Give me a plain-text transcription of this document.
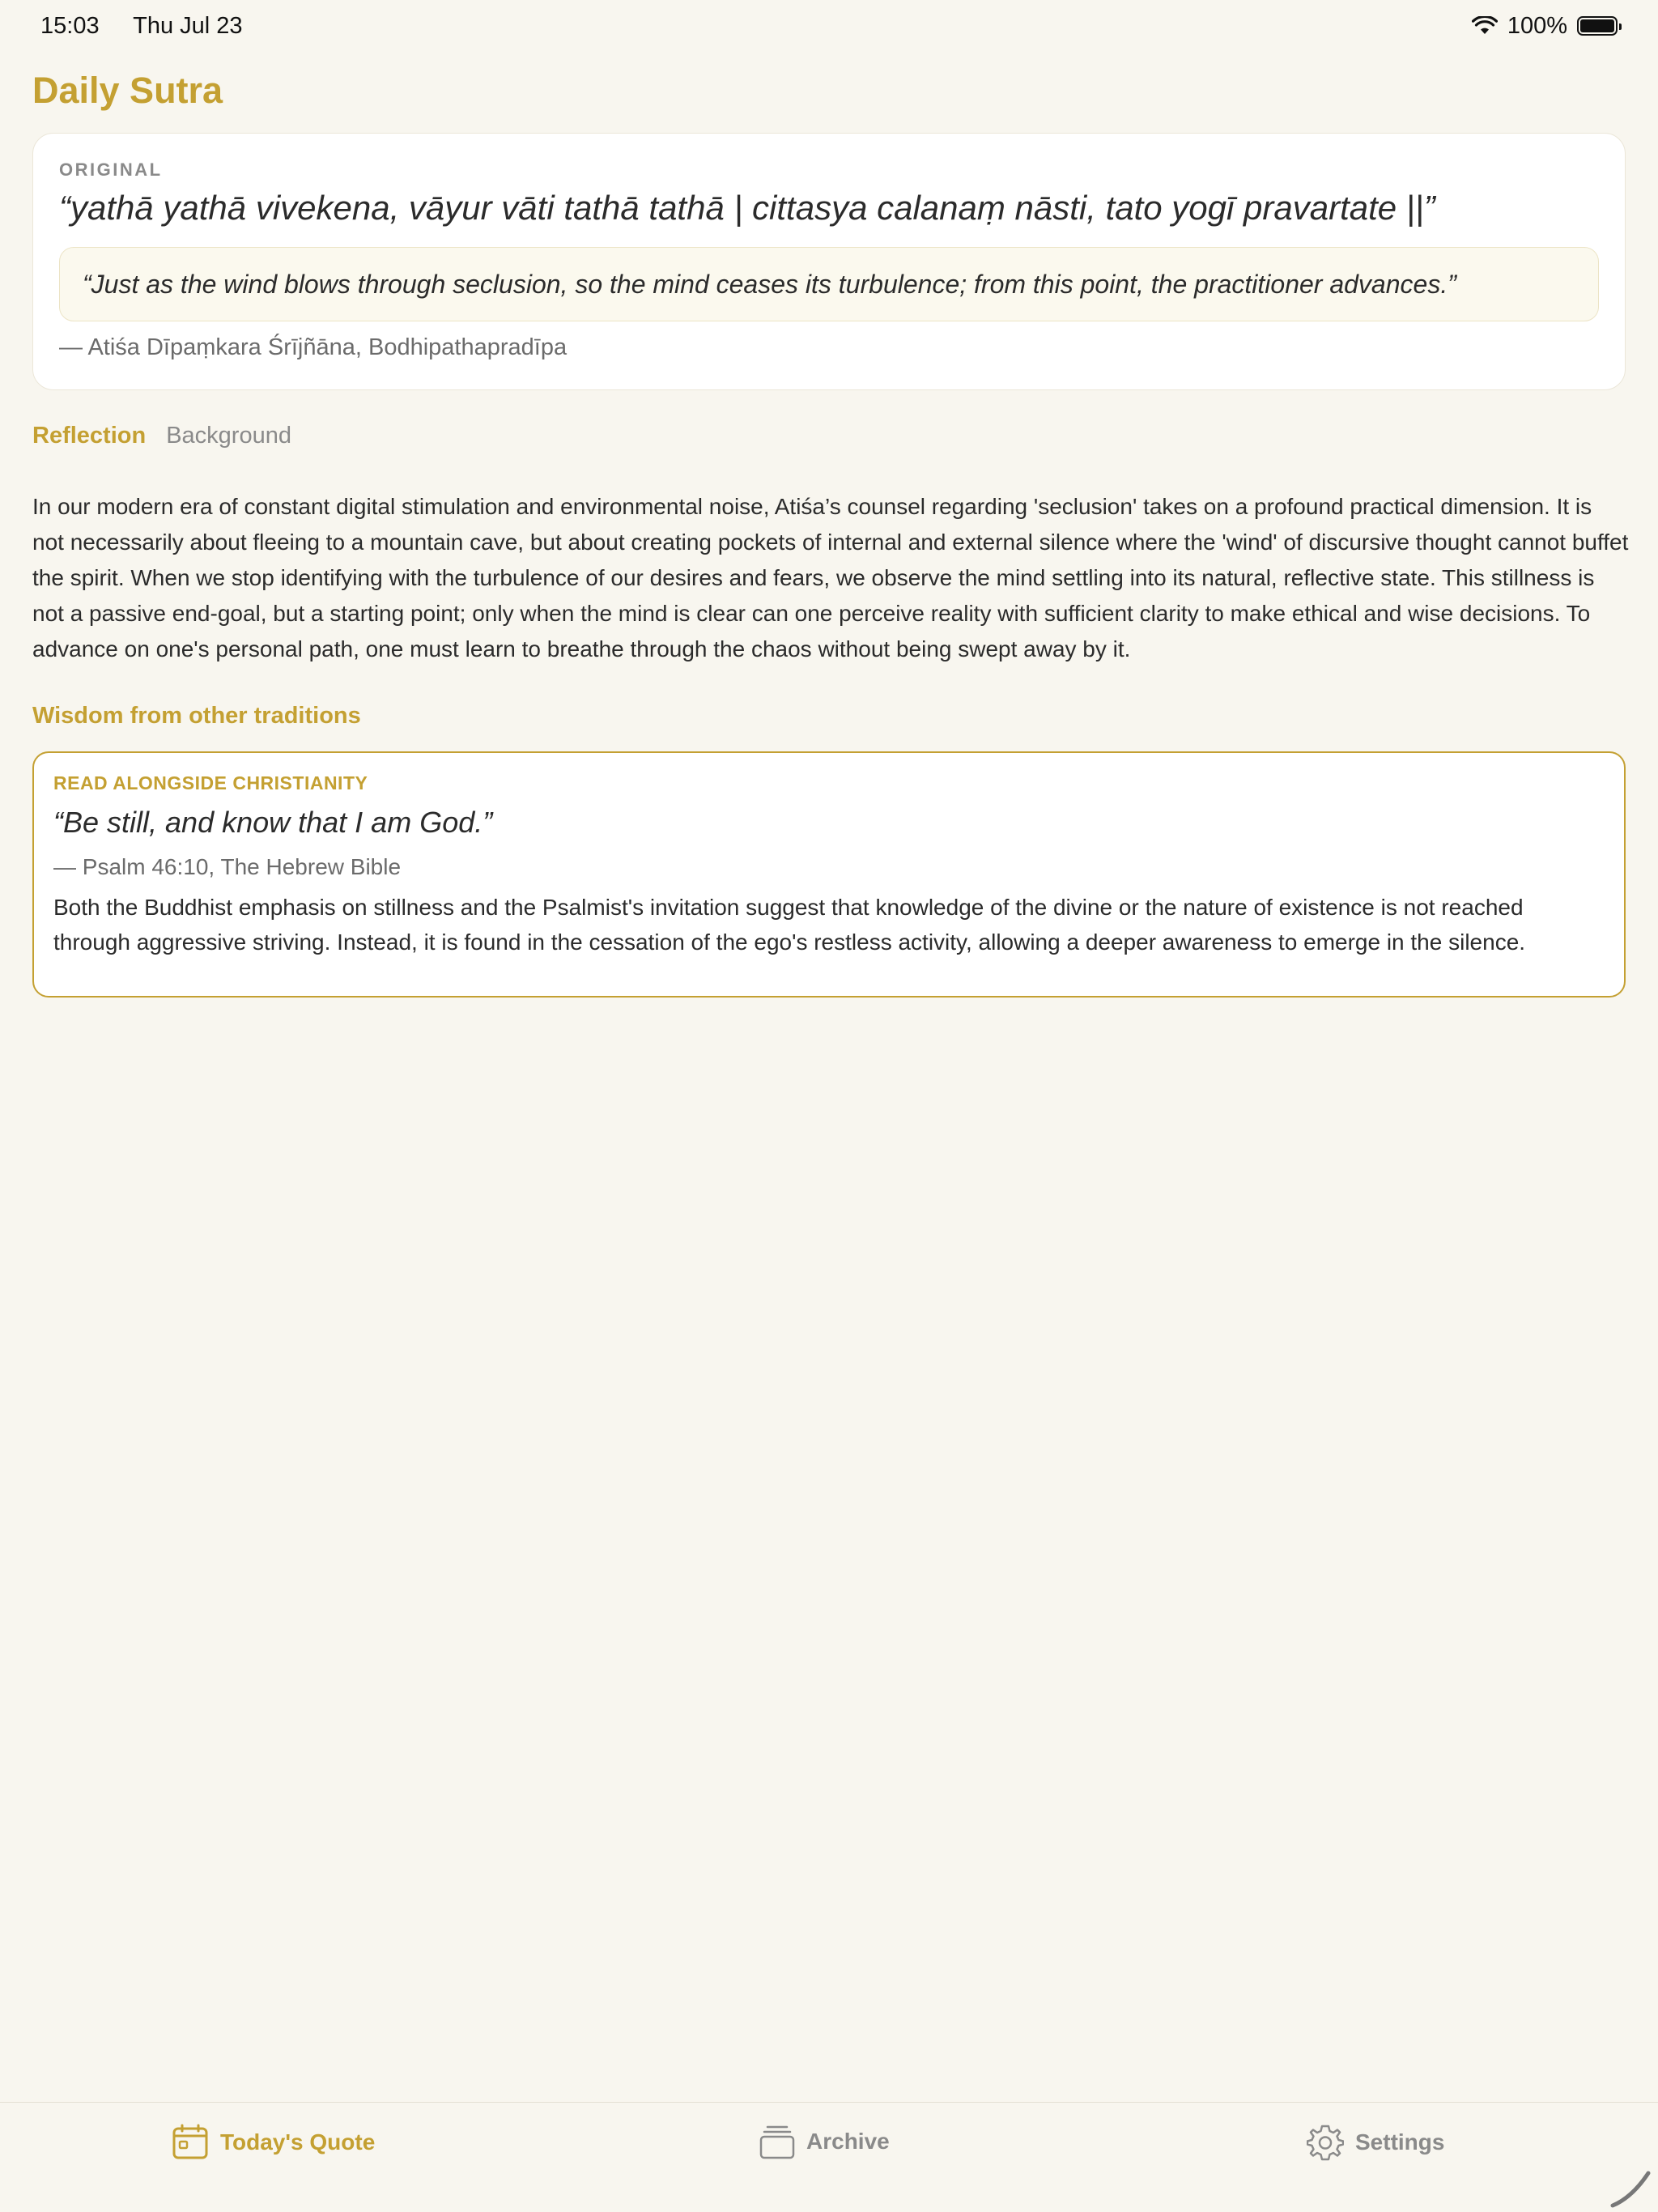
15:03 Thu Jul 23	100%
Daily Sutra
ORIGINAL
“yathā yathā vivekena, vāyur vāti tathā tathā | cittasya calanaṃ nāsti, tato yogī pravartate ||”
“Just as the wind blows through seclusion, so the mind ceases its turbulence; from this point, the practitioner advances.”
— Atiśa Dīpaṃkara Śrījñāna, Bodhipathapradīpa
Reflection Background
In our modern era of constant digital stimulation and environmental noise, Atiśa’s counsel regarding 'seclusion' takes on a profound practical dimension. It is not necessarily about fleeing to a mountain cave, but about creating pockets of internal and external silence where the 'wind' of discursive thought cannot buffet the spirit. When we stop identifying with the turbulence of our desires and fears, we observe the mind settling into its natural, reflective state. This stillness is not a passive end-goal, but a starting point; only when the mind is clear can one perceive reality with sufficient clarity to make ethical and wise decisions. To advance on one's personal path, one must learn to breathe through the chaos without being swept away by it.
Wisdom from other traditions
READ ALONGSIDE CHRISTIANITY
“Be still, and know that I am God.”
— Psalm 46:10, The Hebrew Bible
Both the Buddhist emphasis on stillness and the Psalmist's invitation suggest that knowledge of the divine or the nature of existence is not reached through aggressive striving. Instead, it is found in the cessation of the ego's restless activity, allowing a deeper awareness to emerge in the silence.
Today's Quote	Archive	Settings
